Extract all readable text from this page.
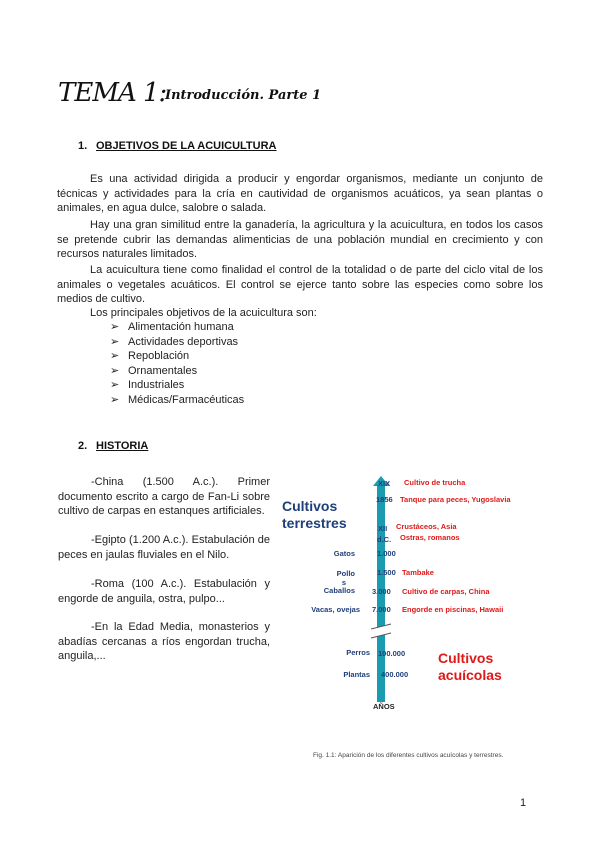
TEMA 1:
Introducción. Parte 1
1. OBJETIVOS DE LA ACUICULTURA
Es una actividad dirigida a producir y engordar organismos, mediante un conjunto de técnicas y actividades para la cría en cautividad de organismos acuáticos, ya sean plantas o animales, en agua dulce, salobre o salada.
Hay una gran similitud entre la ganadería, la agricultura y la acuicultura, en todos los casos se pretende cubrir las demandas alimenticias de una población mundial en crecimiento y con recursos naturales limitados.
La acuicultura tiene como finalidad el control de la totalidad o de parte del ciclo vital de los animales o vegetales acuáticos. El control se ejerce tanto sobre las especies como sobre los medios de cultivo.
Los principales objetivos de la acuicultura son:
➢ Alimentación humana
➢ Actividades deportivas
➢ Repoblación
➢ Ornamentales
➢ Industriales
➢ Médicas/Farmacéuticas
2. HISTORIA
-China (1.500 A.c.). Primer documento escrito a cargo de Fan-Li sobre cultivo de carpas en estanques artificiales.
-Egipto (1.200 A.c.). Estabulación de peces en jaulas fluviales en el Nilo.
-Roma (100 A.c.). Estabulación y engorde de anguila, ostra, pulpo...
-En la Edad Media, monasterios y abadías cercanas a ríos engordan trucha, anguila,...
Cultivos
terrestres
Cultivos
acuícolas
XIX
1856
XII
d.C.
1.000
1.500
3.000
7.000
100.000
400.000
Gatos
Pollo
s
Caballos
Vacas, ovejas
Perros
Plantas
Cultivo de trucha
Tanque para peces, Yugoslavia
Crustáceos, Asia
Ostras, romanos
Tambake
Cultivo de carpas, China
Engorde en piscinas, Hawaii
AÑOS
Fig. 1.1: Aparición de los diferentes cultivos acuícolas y terrestres.
1
